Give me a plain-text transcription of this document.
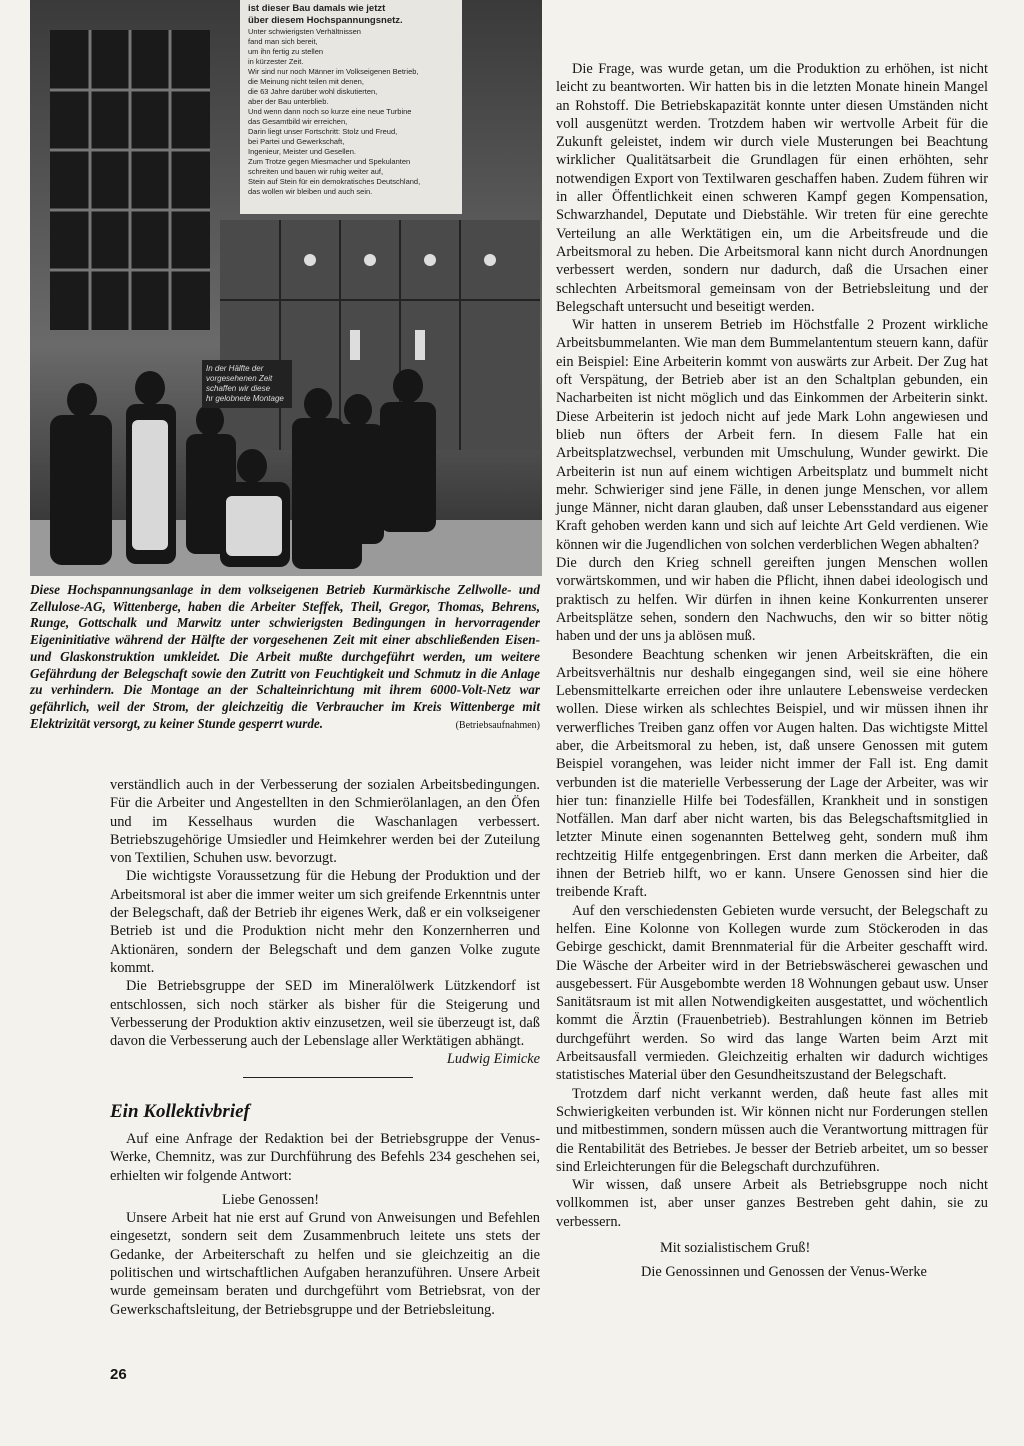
ist dieser Bau damals wie jetzt
über diesem Hochspannungsnetz.
Unter schwierigsten Verhältnissen
fand man sich bereit,
um ihn fertig zu stellen
in kürzester Zeit.
Wir sind nur noch Männer im Volkseigenen Betrieb,
die Meinung nicht teilen mit denen,
die 63 Jahre darüber wohl diskutierten,
aber der Bau unterblieb.
Und wenn dann noch so kurze eine neue Turbine
das Gesamtbild wir erreichen,
Darin liegt unser Fortschritt: Stolz und Freud,
bei Partei und Gewerkschaft,
Ingenieur, Meister und Gesellen.
Zum Trotze gegen Miesmacher und Spekulanten
schreiten und bauen wir ruhig weiter auf,
Stein auf Stein für ein demokratisches Deutschland,
das wollen wir bleiben und auch sein.
In der Hälfte der
vorgesehenen Zeit
schaffen wir diese
hr gelobnete Montage
Diese Hochspannungsanlage in dem volkseigenen Betrieb Kurmärkische Zellwolle- und Zellulose-AG, Wittenberge, haben die Arbeiter Steffek, Theil, Gregor, Thomas, Behrens, Runge, Gottschalk und Marwitz unter schwierigsten Bedingungen in hervorragender Eigeninitiative während der Hälfte der vorgesehenen Zeit mit einer abschließenden Eisen- und Glaskonstruktion umkleidet. Die Arbeit mußte durchgeführt werden, um weitere Gefährdung der Belegschaft sowie den Zutritt von Feuchtigkeit und Schmutz in die Anlage zu verhindern. Die Montage an der Schalteinrichtung mit ihrem 6000-Volt-Netz war gefährlich, weil der Strom, der gleichzeitig die Verbraucher im Kreis Wittenberge mit Elektrizität versorgt, zu keiner Stunde gesperrt wurde.	(Betriebsaufnahmen)

verständlich auch in der Verbesserung der sozialen Arbeitsbedingungen. Für die Arbeiter und Angestellten in den Schmierölanlagen, an den Öfen und im Kesselhaus wurden die Waschanlagen verbessert. Betriebszugehörige Umsiedler und Heimkehrer werden bei der Zuteilung von Textilien, Schuhen usw. bevorzugt.

Die wichtigste Voraussetzung für die Hebung der Produktion und der Arbeitsmoral ist aber die immer weiter um sich greifende Erkenntnis unter der Belegschaft, daß der Betrieb ihr eigenes Werk, daß er ein volkseigener Betrieb ist und die Produktion nicht mehr den Konzernherren und Aktionären, sondern der Belegschaft und dem ganzen Volke zugute kommt.

Die Betriebsgruppe der SED im Mineralölwerk Lützkendorf ist entschlossen, sich noch stärker als bisher für die Steigerung und Verbesserung der Produktion aktiv einzusetzen, weil sie überzeugt ist, daß davon die Verbesserung auch der Lebenslage aller Werktätigen abhängt.

Ludwig Eimicke
Ein Kollektivbrief

Auf eine Anfrage der Redaktion bei der Betriebsgruppe der Venus-Werke, Chemnitz, was zur Durchführung des Befehls 234 geschehen sei, erhielten wir folgende Antwort:

Liebe Genossen!

Unsere Arbeit hat nie erst auf Grund von Anweisungen und Befehlen eingesetzt, sondern seit dem Zusammenbruch leitete uns stets der Gedanke, der Arbeiterschaft zu helfen und sie gleichzeitig an die politischen und wirtschaftlichen Aufgaben heranzuführen. Unsere Arbeit wurde gemeinsam beraten und durchgeführt vom Betriebsrat, von der Gewerkschaftsleitung, der Betriebsgruppe und der Betriebsleitung.

Die Frage, was wurde getan, um die Produktion zu erhöhen, ist nicht leicht zu beantworten. Wir hatten bis in die letzten Monate hinein Mangel an Rohstoff. Die Betriebskapazität konnte unter diesen Umständen nicht voll ausgenützt werden. Trotzdem haben wir wertvolle Arbeit für die Zukunft geleistet, indem wir durch viele Musterungen bei Beachtung wirklicher Qualitätsarbeit die Grundlagen für einen erhöhten, sehr notwendigen Export von Textilwaren geschaffen haben. Zudem führen wir in aller Öffentlichkeit einen schweren Kampf gegen Kompensation, Schwarzhandel, Deputate und Diebstähle. Wir treten für eine gerechte Verteilung an alle Werktätigen ein, um die Arbeitsfreude und die Arbeitsmoral zu heben. Die Arbeitsmoral kann nicht durch Anordnungen verbessert werden, sondern nur dadurch, daß die Ursachen einer schlechten Arbeitsmoral gemeinsam von der Betriebsleitung und der Belegschaft untersucht und beseitigt werden.

Wir hatten in unserem Betrieb im Höchstfalle 2 Prozent wirkliche Arbeitsbummelanten. Wie man dem Bummelantentum steuern kann, dafür ein Beispiel: Eine Arbeiterin kommt von auswärts zur Arbeit. Der Zug hat oft Verspätung, der Betrieb aber ist an den Schaltplan gebunden, ein Nacharbeiten ist nicht möglich und das Einkommen der Arbeiterin sinkt. Diese Arbeiterin ist jedoch nicht auf jede Mark Lohn angewiesen und blieb nun öfters der Arbeit fern. In diesem Falle hat ein Arbeitsplatzwechsel, verbunden mit Umschulung, Wunder gewirkt. Die Arbeiterin ist nun auf einem wichtigen Arbeitsplatz und bummelt nicht mehr. Schwieriger sind jene Fälle, in denen junge Menschen, vor allem junge Männer, nicht daran glauben, daß unser Lebensstandard aus eigener Kraft gehoben werden kann und sich auf leichte Art Geld verdienen. Wie können wir die Jugendlichen von solchen verderblichen Wegen abhalten?

Die durch den Krieg schnell gereiften jungen Menschen wollen vorwärtskommen, und wir haben die Pflicht, ihnen dabei ideologisch und praktisch zu helfen. Wir dürfen in ihnen keine Konkurrenten unserer Arbeitsplätze sehen, sondern den Nachwuchs, den wir so bitter nötig haben und der uns ja ablösen muß.

Besondere Beachtung schenken wir jenen Arbeitskräften, die ein Arbeitsverhältnis nur deshalb eingegangen sind, weil sie eine höhere Lebensmittelkarte erreichen oder ihre unlautere Lebensweise verdecken wollen. Diese wirken als schlechtes Beispiel, und wir müssen ihnen ihr verwerfliches Treiben ganz offen vor Augen halten. Das wichtigste Mittel aber, die Arbeitsmoral zu heben, ist, daß unsere Genossen mit gutem Beispiel vorangehen, was leider nicht immer der Fall ist. Eng damit verbunden ist die materielle Verbesserung der Lage der Arbeiter, was wir hier tun: finanzielle Hilfe bei Todesfällen, Krankheit und in sonstigen Notfällen. Man darf aber nicht warten, bis das Belegschaftsmitglied in letzter Minute einen sogenannten Bettelweg geht, sondern muß ihm rechtzeitig Hilfe entgegenbringen. Erst dann merken die Arbeiter, daß ihnen der Betrieb hilft, wo er kann. Unsere Genossen sind hier die treibende Kraft.

Auf den verschiedensten Gebieten wurde versucht, der Belegschaft zu helfen. Eine Kolonne von Kollegen wurde zum Stöckeroden in das Gebirge geschickt, damit Brennmaterial für die Arbeiter geschafft wird. Die Wäsche der Arbeiter wird in der Betriebswäscherei gewaschen und ausgebessert. Für Ausgebombte werden 18 Wohnungen gebaut usw. Unser Sanitätsraum ist mit allen Notwendigkeiten ausgestattet, und wöchentlich kommt die Ärztin (Frauenbetrieb). Bestrahlungen können im Betrieb durchgeführt werden. So wird das lange Warten beim Arzt mit Arbeitsausfall vermieden. Gleichzeitig erhalten wir dadurch wichtiges statistisches Material über den Gesundheitszustand der Belegschaft.

Trotzdem darf nicht verkannt werden, daß heute fast alles mit Schwierigkeiten verbunden ist. Wir können nicht nur Forderungen stellen und mitbestimmen, sondern müssen auch die Verantwortung mittragen für die Rentabilität des Betriebes. Je besser der Betrieb arbeitet, um so besser sind Erleichterungen für die Belegschaft durchzuführen.

Wir wissen, daß unsere Arbeit als Betriebsgruppe noch nicht vollkommen ist, aber unser ganzes Bestreben geht dahin, sie zu verbessern.

Mit sozialistischem Gruß!

Die Genossinnen und Genossen der Venus-Werke

26
